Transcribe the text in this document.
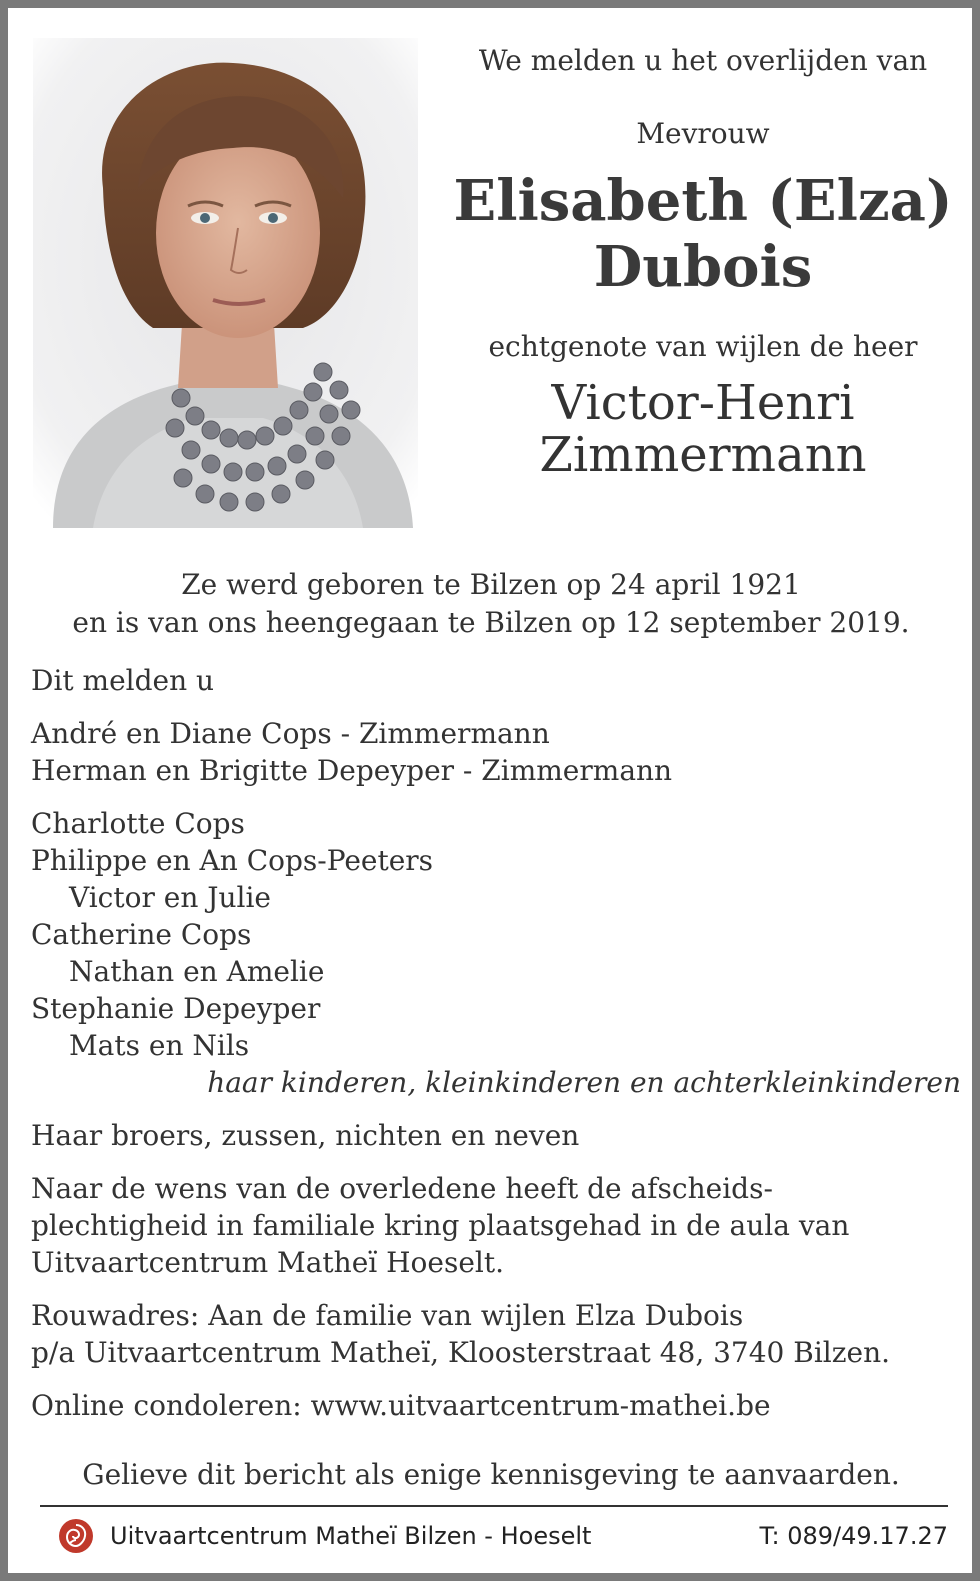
We melden u het overlijden van
Mevrouw
Elisabeth (Elza)
Dubois
echtgenote van wijlen de heer
Victor-Henri
Zimmermann
Ze werd geboren te Bilzen op 24 april 1921
en is van ons heengegaan te Bilzen op 12 september 2019.
Dit melden u
André en Diane Cops - Zimmermann
Herman en Brigitte Depeyper - Zimmermann
Charlotte Cops
Philippe en An Cops-Peeters
Victor en Julie
Catherine Cops
Nathan en Amelie
Stephanie Depeyper
Mats en Nils
haar kinderen, kleinkinderen en achterkleinkinderen
Haar broers, zussen, nichten en neven
Naar de wens van de overledene heeft de afscheids-
plechtigheid in familiale kring plaatsgehad in de aula van
Uitvaartcentrum Matheï Hoeselt.
Rouwadres: Aan de familie van wijlen Elza Dubois
p/a Uitvaartcentrum Matheï, Kloosterstraat 48, 3740 Bilzen.
Online condoleren: www.uitvaartcentrum-mathei.be
Gelieve dit bericht als enige kennisgeving te aanvaarden.
Uitvaartcentrum Matheï Bilzen - Hoeselt	T: 089/49.17.27
